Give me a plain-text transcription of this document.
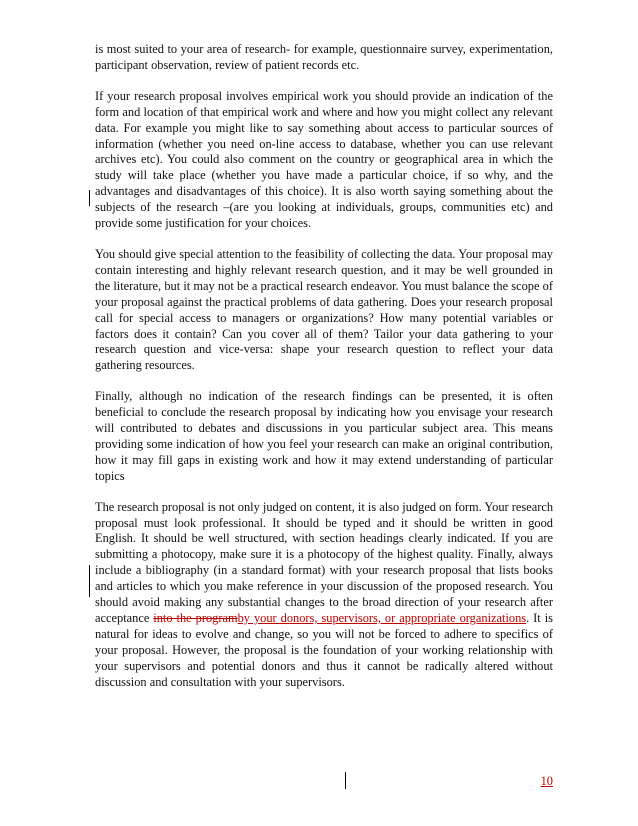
is most suited to your area of research- for example, questionnaire survey, experimentation, participant observation, review of patient records etc.

If your research proposal involves empirical work you should provide an indication of the form and location of that empirical work and where and how you might collect any relevant data. For example you might like to say something about access to particular sources of information (whether you need on-line access to database, whether you can use relevant archives etc). You could also comment on the country or geographical area in which the study will take place (whether you have made a particular choice, if so why, and the advantages and disadvantages of this choice). It is also worth saying something about the subjects of the research –(are you looking at individuals, groups, communities etc) and provide some justification for your choices.

You should give special attention to the feasibility of collecting the data. Your proposal may contain interesting and highly relevant research question, and it may be well grounded in the literature, but it may not be a practical research endeavor. You must balance the scope of your proposal against the practical problems of data gathering. Does your research proposal call for special access to managers or organizations? How many potential variables or factors does it contain? Can you cover all of them? Tailor your data gathering to your research question and vice-versa: shape your research question to reflect your data gathering resources.

Finally, although no indication of the research findings can be presented, it is often beneficial to conclude the research proposal by indicating how you envisage your research will contributed to debates and discussions in you particular subject area. This means providing some indication of how you feel your research can make an original contribution, how it may fill gaps in existing work and how it may extend understanding of particular topics

The research proposal is not only judged on content, it is also judged on form. Your research proposal must look professional. It should be typed and it should be written in good English. It should be well structured, with section headings clearly indicated. If you are submitting a photocopy, make sure it is a photocopy of the highest quality. Finally, always include a bibliography (in a standard format) with your research proposal that lists books and articles to which you make reference in your discussion of the proposed research. You should avoid making any substantial changes to the broad direction of your research after acceptance into the programby your donors, supervisors, or appropriate organizations. It is natural for ideas to evolve and change, so you will not be forced to adhere to specifics of your proposal. However, the proposal is the foundation of your working relationship with your supervisors and potential donors and thus it cannot be radically altered without discussion and consultation with your supervisors.

10
